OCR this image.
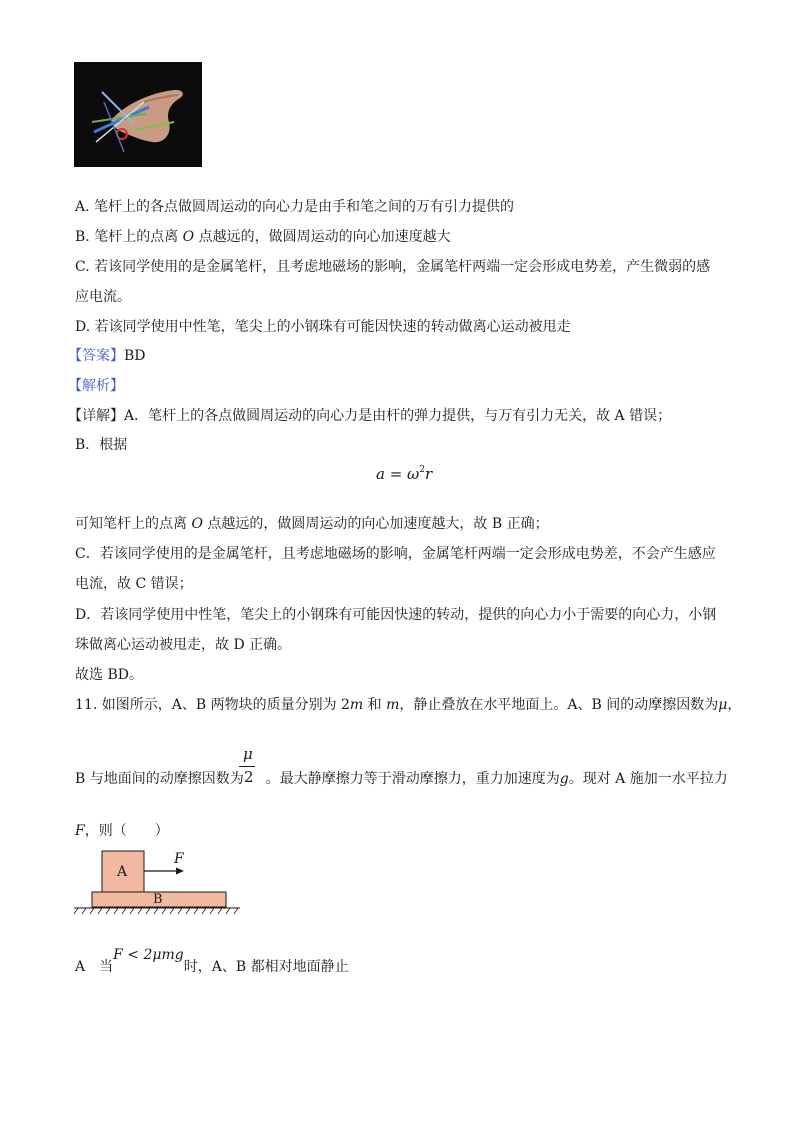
A. 笔杆上的各点做圆周运动的向心力是由手和笔之间的万有引力提供的
B. 笔杆上的点离 O 点越远的，做圆周运动的向心加速度越大
C. 若该同学使用的是金属笔杆，且考虑地磁场的影响，金属笔杆两端一定会形成电势差，产生微弱的感
应电流。
D. 若该同学使用中性笔，笔尖上的小钢珠有可能因快速的转动做离心运动被甩走
【答案】BD
【解析】
【详解】A．笔杆上的各点做圆周运动的向心力是由杆的弹力提供，与万有引力无关，故 A 错误；
B．根据
$a = \omega^2r$
可知笔杆上的点离 O 点越远的，做圆周运动的向心加速度越大，故 B 正确；
C．若该同学使用的是金属笔杆，且考虑地磁场的影响，金属笔杆两端一定会形成电势差，不会产生感应
电流，故 C 错误；
D．若该同学使用中性笔，笔尖上的小钢珠有可能因快速的转动，提供的向心力小于需要的向心力，小钢
珠做离心运动被甩走，故 D 正确。
故选 BD。
11. 如图所示，A、B 两物块的质量分别为 2m 和 m，静止叠放在水平地面上。A、B 间的动摩擦因数为μ，
μ
2
B 与地面间的动摩擦因数为 。最大静摩擦力等于滑动摩擦力，重力加速度为g。现对 A 施加一水平拉力
F，则（　　）
A
B
F
A　当F < 2μmg时，A、B 都相对地面静止
